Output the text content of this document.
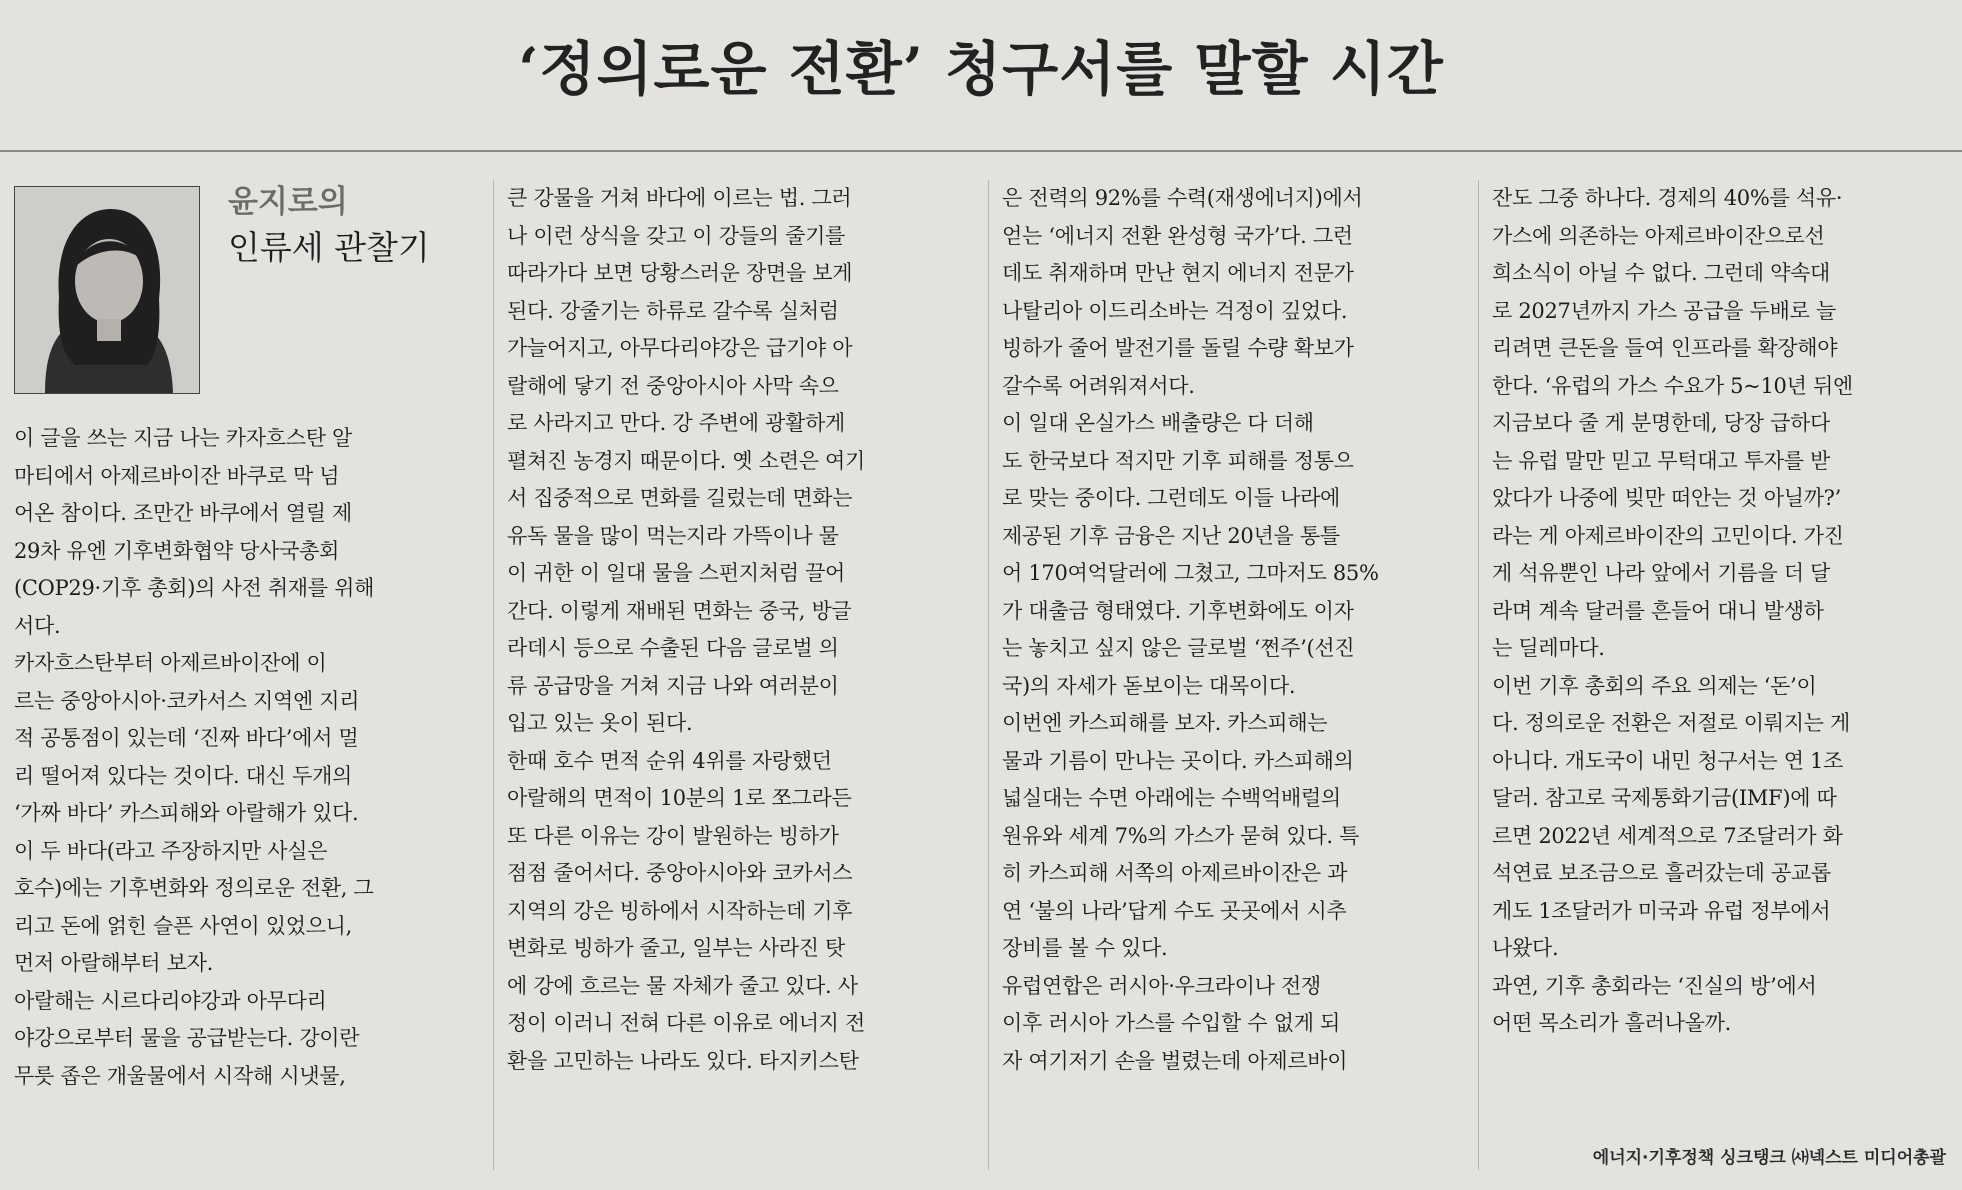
‘정의로운 전환’ 청구서를 말할 시간
윤지로의
인류세 관찰기
이 글을 쓰는 지금 나는 카자흐스탄 알
마티에서 아제르바이잔 바쿠로 막 넘
어온 참이다. 조만간 바쿠에서 열릴 제
29차 유엔 기후변화협약 당사국총회
(COP29·기후 총회)의 사전 취재를 위해
서다.
카자흐스탄부터 아제르바이잔에 이
르는 중앙아시아·코카서스 지역엔 지리
적 공통점이 있는데 ‘진짜 바다’에서 멀
리 떨어져 있다는 것이다. 대신 두개의
‘가짜 바다’ 카스피해와 아랄해가 있다.
이 두 바다(라고 주장하지만 사실은
호수)에는 기후변화와 정의로운 전환, 그
리고 돈에 얽힌 슬픈 사연이 있었으니,
먼저 아랄해부터 보자.
아랄해는 시르다리야강과 아무다리
야강으로부터 물을 공급받는다. 강이란
무릇 좁은 개울물에서 시작해 시냇물,
큰 강물을 거쳐 바다에 이르는 법. 그러
나 이런 상식을 갖고 이 강들의 줄기를
따라가다 보면 당황스러운 장면을 보게
된다. 강줄기는 하류로 갈수록 실처럼
가늘어지고, 아무다리야강은 급기야 아
랄해에 닿기 전 중앙아시아 사막 속으
로 사라지고 만다. 강 주변에 광활하게
펼쳐진 농경지 때문이다. 옛 소련은 여기
서 집중적으로 면화를 길렀는데 면화는
유독 물을 많이 먹는지라 가뜩이나 물
이 귀한 이 일대 물을 스펀지처럼 끌어
간다. 이렇게 재배된 면화는 중국, 방글
라데시 등으로 수출된 다음 글로벌 의
류 공급망을 거쳐 지금 나와 여러분이
입고 있는 옷이 된다.
한때 호수 면적 순위 4위를 자랑했던
아랄해의 면적이 10분의 1로 쪼그라든
또 다른 이유는 강이 발원하는 빙하가
점점 줄어서다. 중앙아시아와 코카서스
지역의 강은 빙하에서 시작하는데 기후
변화로 빙하가 줄고, 일부는 사라진 탓
에 강에 흐르는 물 자체가 줄고 있다. 사
정이 이러니 전혀 다른 이유로 에너지 전
환을 고민하는 나라도 있다. 타지키스탄
은 전력의 92%를 수력(재생에너지)에서
얻는 ‘에너지 전환 완성형 국가’다. 그런
데도 취재하며 만난 현지 에너지 전문가
나탈리아 이드리소바는 걱정이 깊었다.
빙하가 줄어 발전기를 돌릴 수량 확보가
갈수록 어려워져서다.
이 일대 온실가스 배출량은 다 더해
도 한국보다 적지만 기후 피해를 정통으
로 맞는 중이다. 그런데도 이들 나라에
제공된 기후 금융은 지난 20년을 통틀
어 170여억달러에 그쳤고, 그마저도 85%
가 대출금 형태였다. 기후변화에도 이자
는 놓치고 싶지 않은 글로벌 ‘쩐주’(선진
국)의 자세가 돋보이는 대목이다.
이번엔 카스피해를 보자. 카스피해는
물과 기름이 만나는 곳이다. 카스피해의
넓실대는 수면 아래에는 수백억배럴의
원유와 세계 7%의 가스가 묻혀 있다. 특
히 카스피해 서쪽의 아제르바이잔은 과
연 ‘불의 나라’답게 수도 곳곳에서 시추
장비를 볼 수 있다.
유럽연합은 러시아·우크라이나 전쟁
이후 러시아 가스를 수입할 수 없게 되
자 여기저기 손을 벌렸는데 아제르바이
잔도 그중 하나다. 경제의 40%를 석유·
가스에 의존하는 아제르바이잔으로선
희소식이 아닐 수 없다. 그런데 약속대
로 2027년까지 가스 공급을 두배로 늘
리려면 큰돈을 들여 인프라를 확장해야
한다. ‘유럽의 가스 수요가 5~10년 뒤엔
지금보다 줄 게 분명한데, 당장 급하다
는 유럽 말만 믿고 무턱대고 투자를 받
았다가 나중에 빚만 떠안는 것 아닐까?’
라는 게 아제르바이잔의 고민이다. 가진
게 석유뿐인 나라 앞에서 기름을 더 달
라며 계속 달러를 흔들어 대니 발생하
는 딜레마다.
이번 기후 총회의 주요 의제는 ‘돈’이
다. 정의로운 전환은 저절로 이뤄지는 게
아니다. 개도국이 내민 청구서는 연 1조
달러. 참고로 국제통화기금(IMF)에 따
르면 2022년 세계적으로 7조달러가 화
석연료 보조금으로 흘러갔는데 공교롭
게도 1조달러가 미국과 유럽 정부에서
나왔다.
과연, 기후 총회라는 ‘진실의 방’에서
어떤 목소리가 흘러나올까.
에너지·기후정책 싱크탱크 ㈔넥스트 미디어총괄
